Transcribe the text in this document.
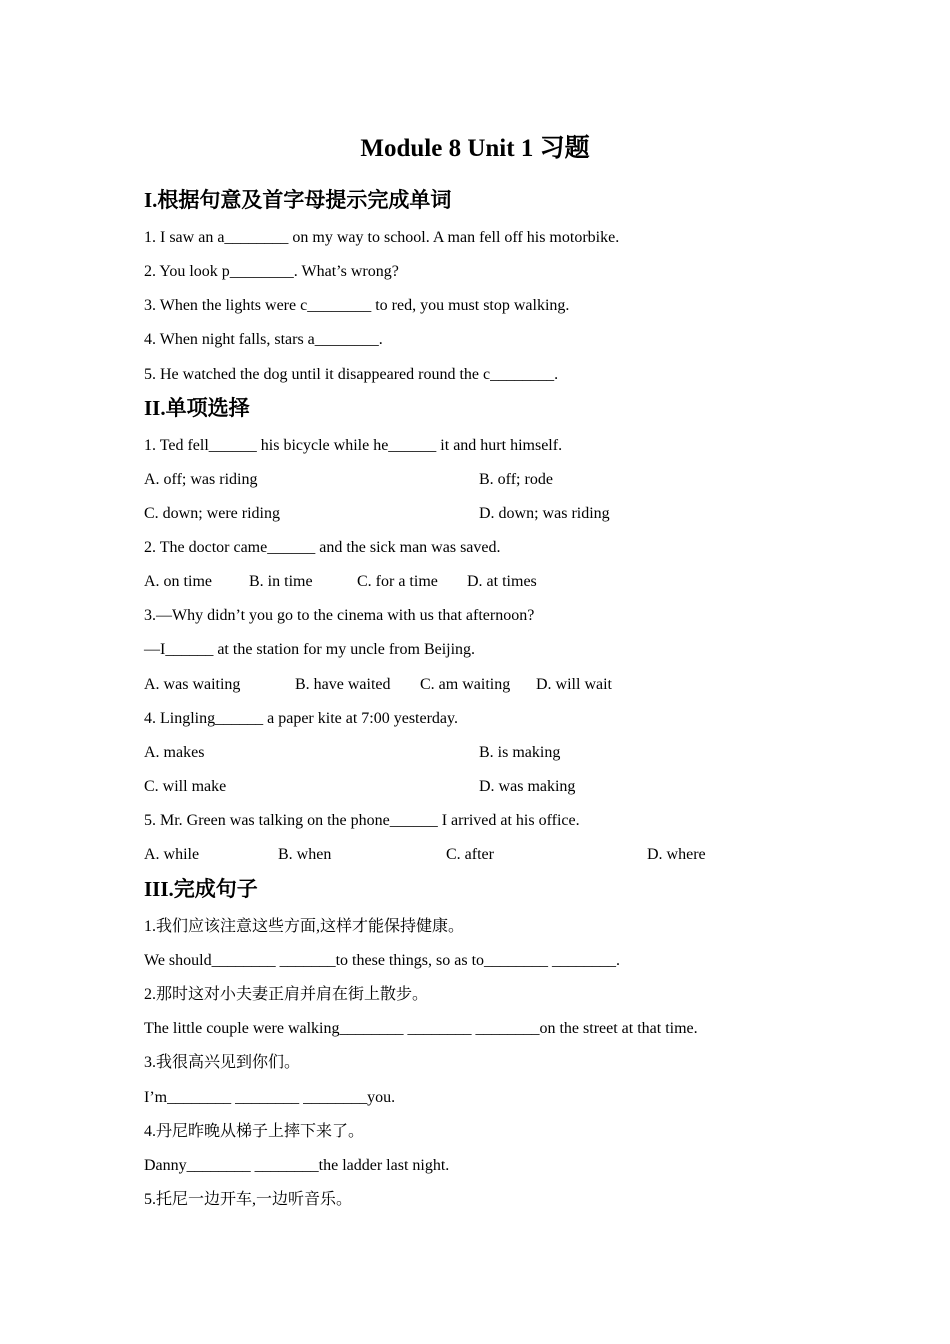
Module 8 Unit 1 习题
I.根据句意及首字母提示完成单词
1. I saw an a________ on my way to school. A man fell off his motorbike.
2. You look p________. What’s wrong?
3. When the lights were c________ to red, you must stop walking.
4. When night falls, stars a________.
5. He watched the dog until it disappeared round the c________.
II.单项选择
1. Ted fell______ his bicycle while he______ it and hurt himself.
A. off; was riding	B. off; rode
C. down; were riding	D. down; was riding
2. The doctor came______ and the sick man was saved.
A. on time B. in time	C. for a time D. at times
3.—Why didn’t you go to the cinema with us that afternoon?
—I______ at the station for my uncle from Beijing.
A. was waiting	B. have waited C. am waiting D. will wait
4. Lingling______ a paper kite at 7:00 yesterday.
A. makes	B. is making
C. will make	D. was making
5. Mr. Green was talking on the phone______ I arrived at his office.
A. while	B. when	C. after	D. where
III.完成句子
1.我们应该注意这些方面,这样才能保持健康。
We should________ _______to these things, so as to________ ________.
2.那时这对小夫妻正肩并肩在街上散步。
The little couple were walking________ ________ ________on the street at that time.
3.我很高兴见到你们。
I’m________ ________ ________you.
4.丹尼昨晚从梯子上摔下来了。
Danny________ ________the ladder last night.
5.托尼一边开车,一边听音乐。
